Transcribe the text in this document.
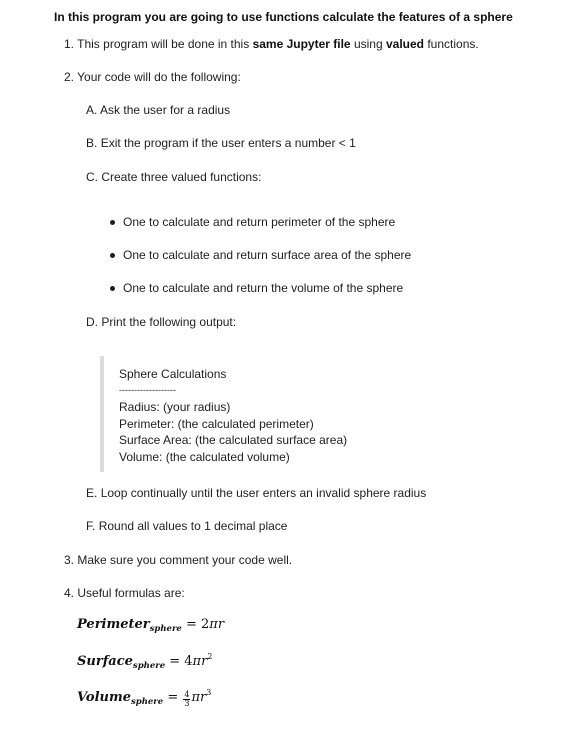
In this program you are going to use functions calculate the features of a sphere
1. This program will be done in this same Jupyter file using valued functions.
2. Your code will do the following:
A. Ask the user for a radius
B. Exit the program if the user enters a number < 1
C. Create three valued functions:
One to calculate and return perimeter of the sphere
One to calculate and return surface area of the sphere
One to calculate and return the volume of the sphere
D. Print the following output:
Sphere Calculations
-------------------
Radius: (your radius)
Perimeter: (the calculated perimeter)
Surface Area: (the calculated surface area)
Volume: (the calculated volume)
E. Loop continually until the user enters an invalid sphere radius
F. Round all values to 1 decimal place
3. Make sure you comment your code well.
4. Useful formulas are:
Perimeter$_{sphere}$ = 2πr
Surface$_{sphere}$ = $4\pi r^2$
Volume$_{sphere}$ = $\frac{4}{3} \pi r^3$
